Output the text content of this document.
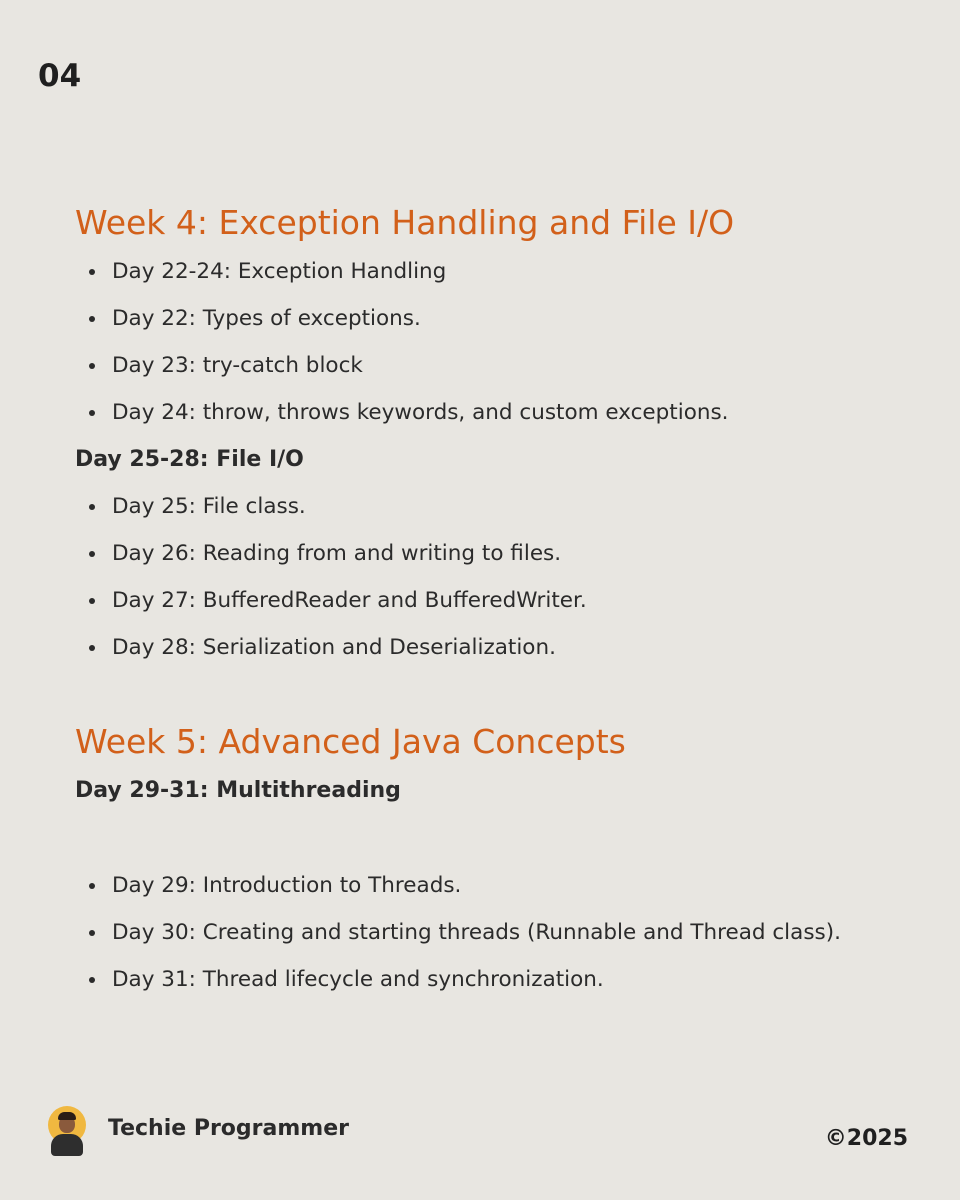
04
Week 4: Exception Handling and File I/O
Day 22-24: Exception Handling
Day 22: Types of exceptions.
Day 23: try-catch block
Day 24: throw, throws keywords, and custom exceptions.
Day 25-28: File I/O
Day 25: File class.
Day 26: Reading from and writing to files.
Day 27: BufferedReader and BufferedWriter.
Day 28: Serialization and Deserialization.
Week 5: Advanced Java Concepts
Day 29-31: Multithreading
Day 29: Introduction to Threads.
Day 30: Creating and starting threads (Runnable and Thread class).
Day 31: Thread lifecycle and synchronization.
Techie Programmer	©2025
